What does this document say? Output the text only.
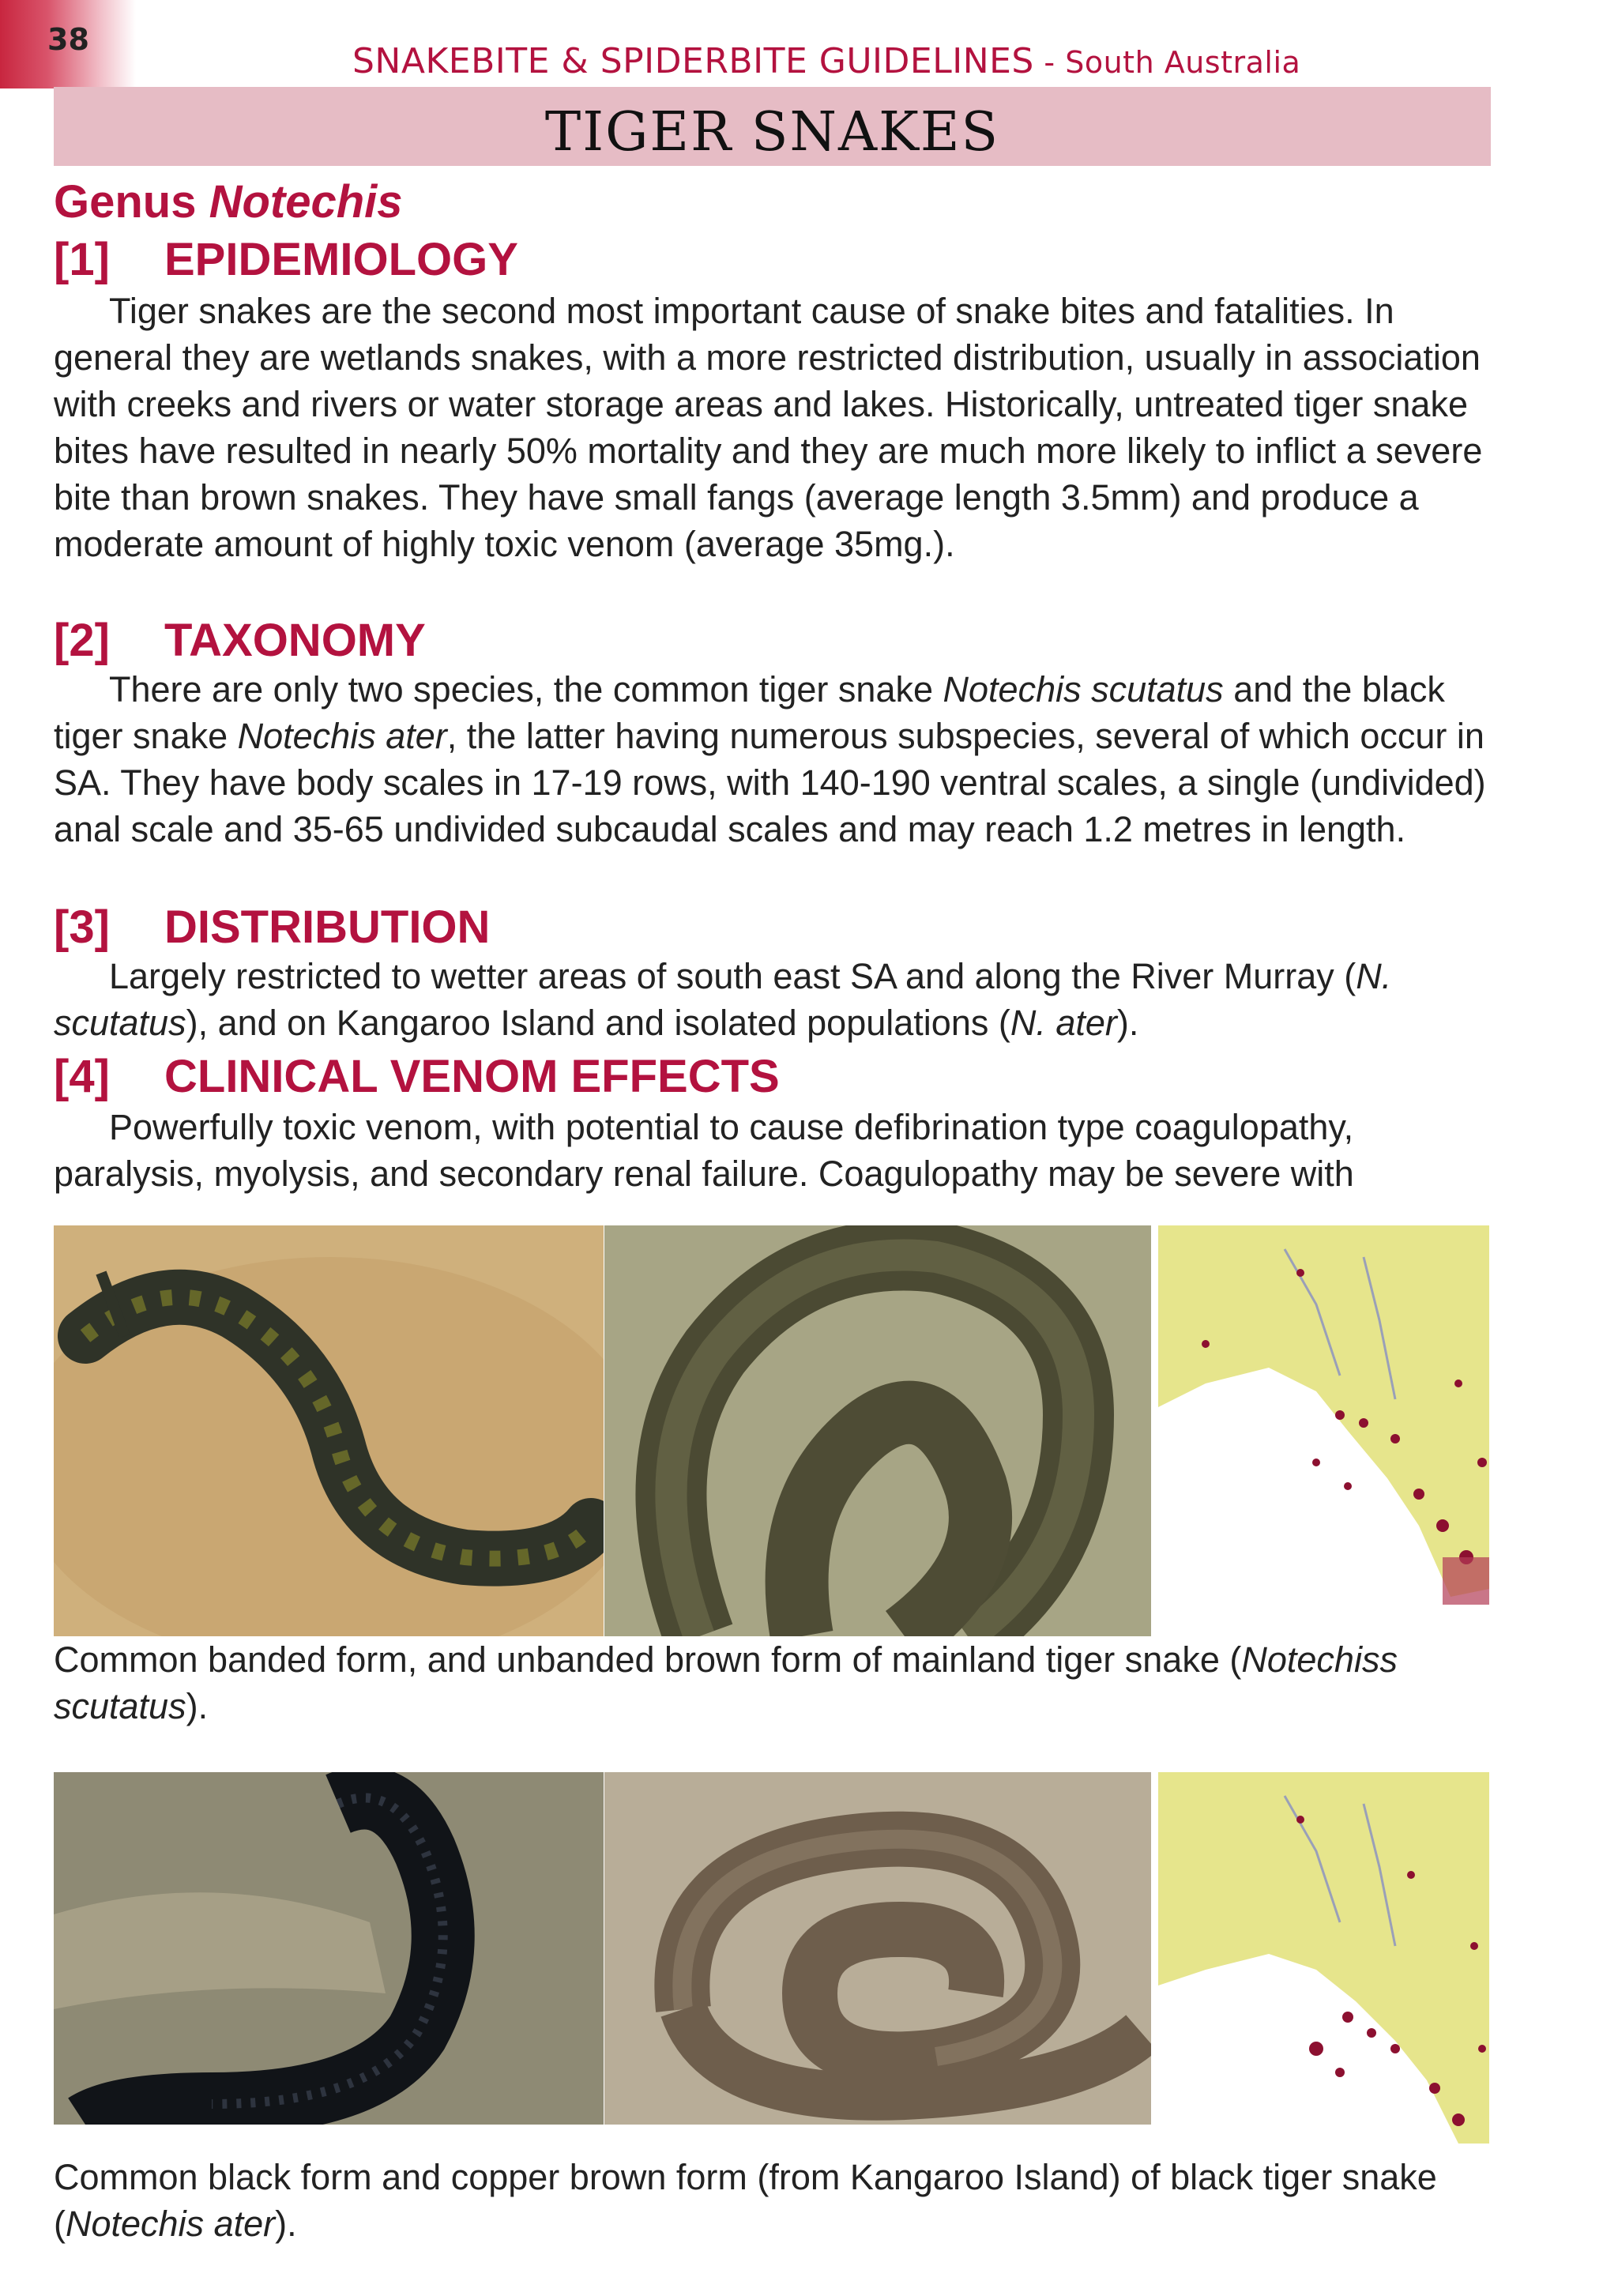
38
SNAKEBITE & SPIDERBITE GUIDELINES - South Australia
TIGER SNAKES
Genus Notechis
[1] EPIDEMIOLOGY

Tiger snakes are the second most important cause of snake bites and fatalities. In general they are wetlands snakes, with a more restricted distribution, usually in association with creeks and rivers or water storage areas and lakes. Historically, untreated tiger snake bites have resulted in nearly 50% mortality and they are much more likely to inflict a severe bite than brown snakes. They have small fangs (average length 3.5mm) and produce a moderate amount of highly toxic venom (average 35mg.).

[2] TAXONOMY

There are only two species, the common tiger snake Notechis scutatus and the black tiger snake Notechis ater, the latter having numerous subspecies, several of which occur in SA. They have body scales in 17-19 rows, with 140-190 ventral scales, a single (undivided) anal scale and 35-65 undivided subcaudal scales and may reach 1.2 metres in length.

[3] DISTRIBUTION

Largely restricted to wetter areas of south east SA and along the River Murray (N. scutatus), and on Kangaroo Island and isolated populations (N. ater).

[4] CLINICAL VENOM EFFECTS

Powerfully toxic venom, with potential to cause defibrination type coagulopathy, paralysis, myolysis, and secondary renal failure. Coagulopathy may be severe with

Common banded form, and unbanded brown form of mainland tiger snake (Notechiss scutatus).
Common black form and copper brown form (from Kangaroo Island) of black tiger snake (Notechis ater).
